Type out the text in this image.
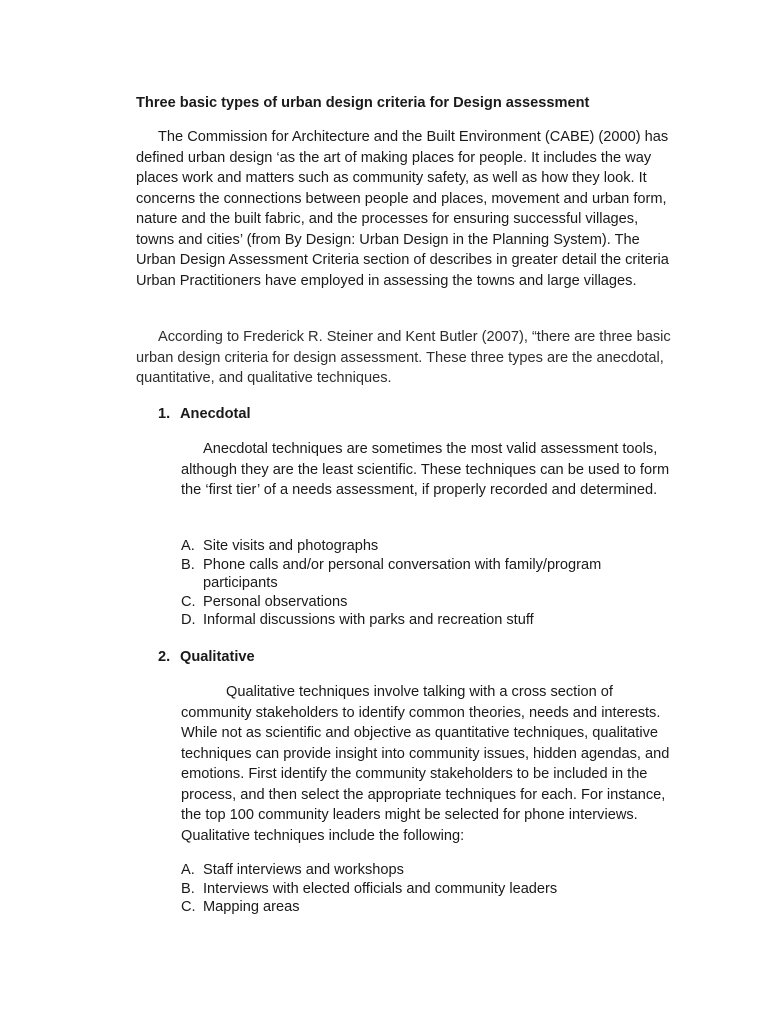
Three basic types of urban design criteria for Design assessment

The Commission for Architecture and the Built Environment (CABE) (2000) has defined urban design ‘as the art of making places for people. It includes the way places work and matters such as community safety, as well as how they look. It concerns the connections between people and places, movement and urban form, nature and the built fabric, and the processes for ensuring successful villages, towns and cities’ (from By Design: Urban Design in the Planning System). The Urban Design Assessment Criteria section of describes in greater detail the criteria Urban Practitioners have employed in assessing the towns and large villages.

According to Frederick R. Steiner and Kent Butler (2007), “there are three basic urban design criteria for design assessment. These three types are the anecdotal, quantitative, and qualitative techniques.

1. Anecdotal

Anecdotal techniques are sometimes the most valid assessment tools, although they are the least scientific. These techniques can be used to form the ‘first tier’ of a needs assessment, if properly recorded and determined.

A. Site visits and photographs
B. Phone calls and/or personal conversation with family/program participants
C. Personal observations
D. Informal discussions with parks and recreation stuff
2. Qualitative

Qualitative techniques involve talking with a cross section of community stakeholders to identify common theories, needs and interests. While not as scientific and objective as quantitative techniques, qualitative techniques can provide insight into community issues, hidden agendas, and emotions. First identify the community stakeholders to be included in the process, and then select the appropriate techniques for each. For instance, the top 100 community leaders might be selected for phone interviews. Qualitative techniques include the following:

A. Staff interviews and workshops
B. Interviews with elected officials and community leaders
C. Mapping areas
